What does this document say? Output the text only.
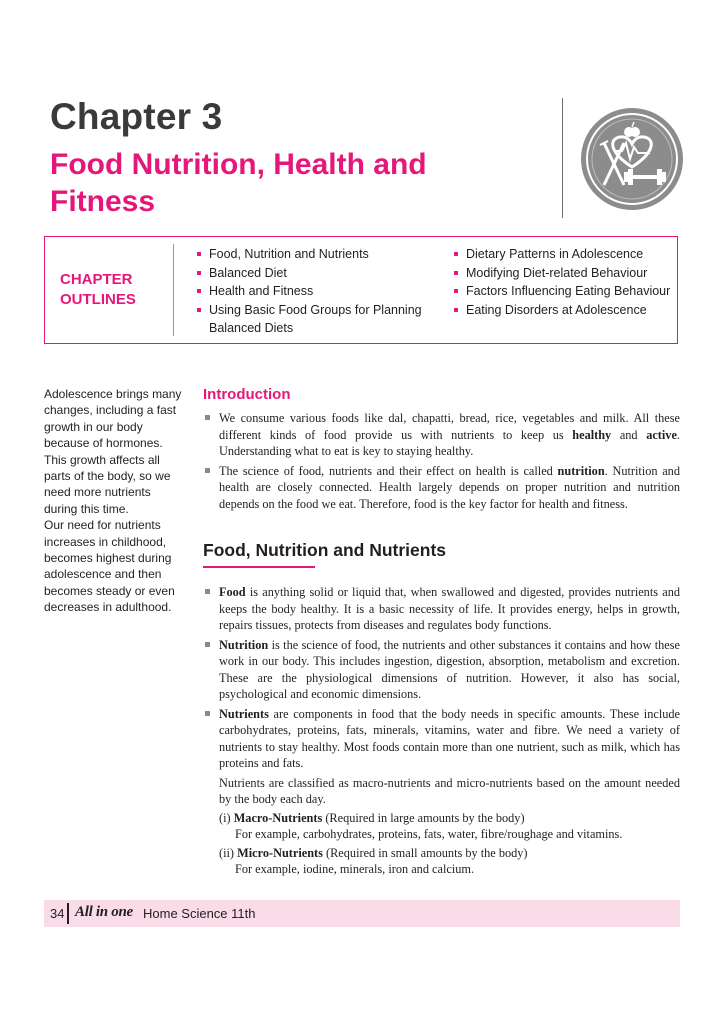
Chapter 3
Food Nutrition, Health and Fitness
CHAPTER
OUTLINES
Food, Nutrition and Nutrients
Balanced Diet
Health and Fitness
Using Basic Food Groups for Planning Balanced Diets
Dietary Patterns in Adolescence
Modifying Diet-related Behaviour
Factors Influencing Eating Behaviour
Eating Disorders at Adolescence

Adolescence brings many changes, including a fast growth in our body because of hormones.

This growth affects all parts of the body, so we need more nutrients during this time.

Our need for nutrients increases in childhood, becomes highest during adolescence and then becomes steady or even decreases in adulthood.

Introduction
We consume various foods like dal, chapatti, bread, rice, vegetables and milk. All these different kinds of food provide us with nutrients to keep us healthy and active. Understanding what to eat is key to staying healthy.
The science of food, nutrients and their effect on health is called nutrition. Nutrition and health are closely connected. Health largely depends on proper nutrition and nutrition depends on the food we eat. Therefore, food is the key factor for health and fitness.
Food, Nutrition and Nutrients
Food is anything solid or liquid that, when swallowed and digested, provides nutrients and keeps the body healthy. It is a basic necessity of life. It provides energy, helps in growth, repairs tissues, protects from diseases and regulates body functions.
Nutrition is the science of food, the nutrients and other substances it contains and how these work in our body. This includes ingestion, digestion, absorption, metabolism and excretion. These are the physiological dimensions of nutrition. However, it also has social, psychological and economic dimensions.
Nutrients are components in food that the body needs in specific amounts. These include carbohydrates, proteins, fats, minerals, vitamins, water and fibre. We need a variety of nutrients to stay healthy. Most foods contain more than one nutrient, such as milk, which has proteins and fats.

Nutrients are classified as macro-nutrients and micro-nutrients based on the amount needed by the body each day.

(i) Macro-Nutrients (Required in large amounts by the body)

For example, carbohydrates, proteins, fats, water, fibre/roughage and vitamins.

(ii) Micro-Nutrients (Required in small amounts by the body)

For example, iodine, minerals, iron and calcium.

34 All in one Home Science 11th
